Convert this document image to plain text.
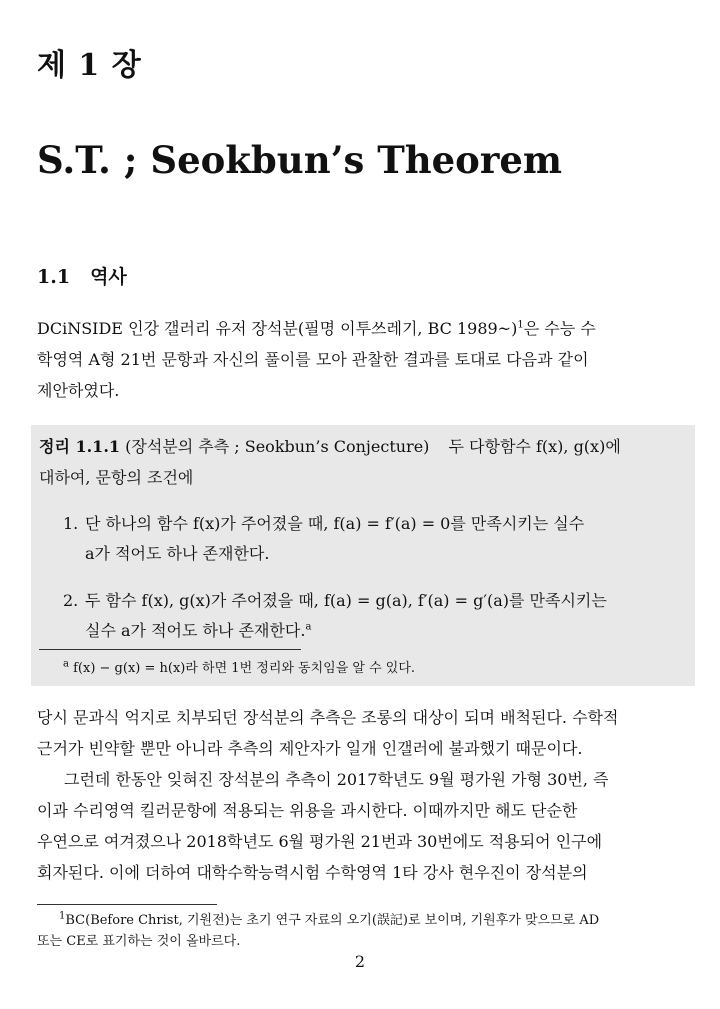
제 1 장
S.T. ; Seokbun’s Theorem
1.1 역사
DCiNSIDE 인강 갤러리 유저 장석분(필명 이투쓰레기, BC 1989~)$^1$은 수능 수
학영역 A형 21번 문항과 자신의 풀이를 모아 관찰한 결과를 토대로 다음과 같이
제안하였다.
정리 1.1.1 (장석분의 추측 ; Seokbun’s Conjecture) 두 다항함수 f(x), g(x)에
대하여, 문항의 조건에
1. 단 하나의 함수 f(x)가 주어졌을 때, f(a) = f′(a) = 0를 만족시키는 실수
a가 적어도 하나 존재한다.
2. 두 함수 f(x), g(x)가 주어졌을 때, f(a) = g(a), f′(a) = g′(a)를 만족시키는
실수 a가 적어도 하나 존재한다.$^a$
$^a$ f(x) − g(x) = h(x)라 하면 1번 정리와 동치임을 알 수 있다.
당시 문과식 억지로 치부되던 장석분의 추측은 조롱의 대상이 되며 배척된다. 수학적
근거가 빈약할 뿐만 아니라 추측의 제안자가 일개 인갤러에 불과했기 때문이다.
그런데 한동안 잊혀진 장석분의 추측이 2017학년도 9월 평가원 가형 30번, 즉
이과 수리영역 킬러문항에 적용되는 위용을 과시한다. 이때까지만 해도 단순한
우연으로 여겨졌으나 2018학년도 6월 평가원 21번과 30번에도 적용되어 인구에
회자된다. 이에 더하여 대학수학능력시험 수학영역 1타 강사 현우진이 장석분의
$^1$BC(Before Christ, 기원전)는 초기 연구 자료의 오기(誤記)로 보이며, 기원후가 맞으므로 AD
또는 CE로 표기하는 것이 올바르다.
2
